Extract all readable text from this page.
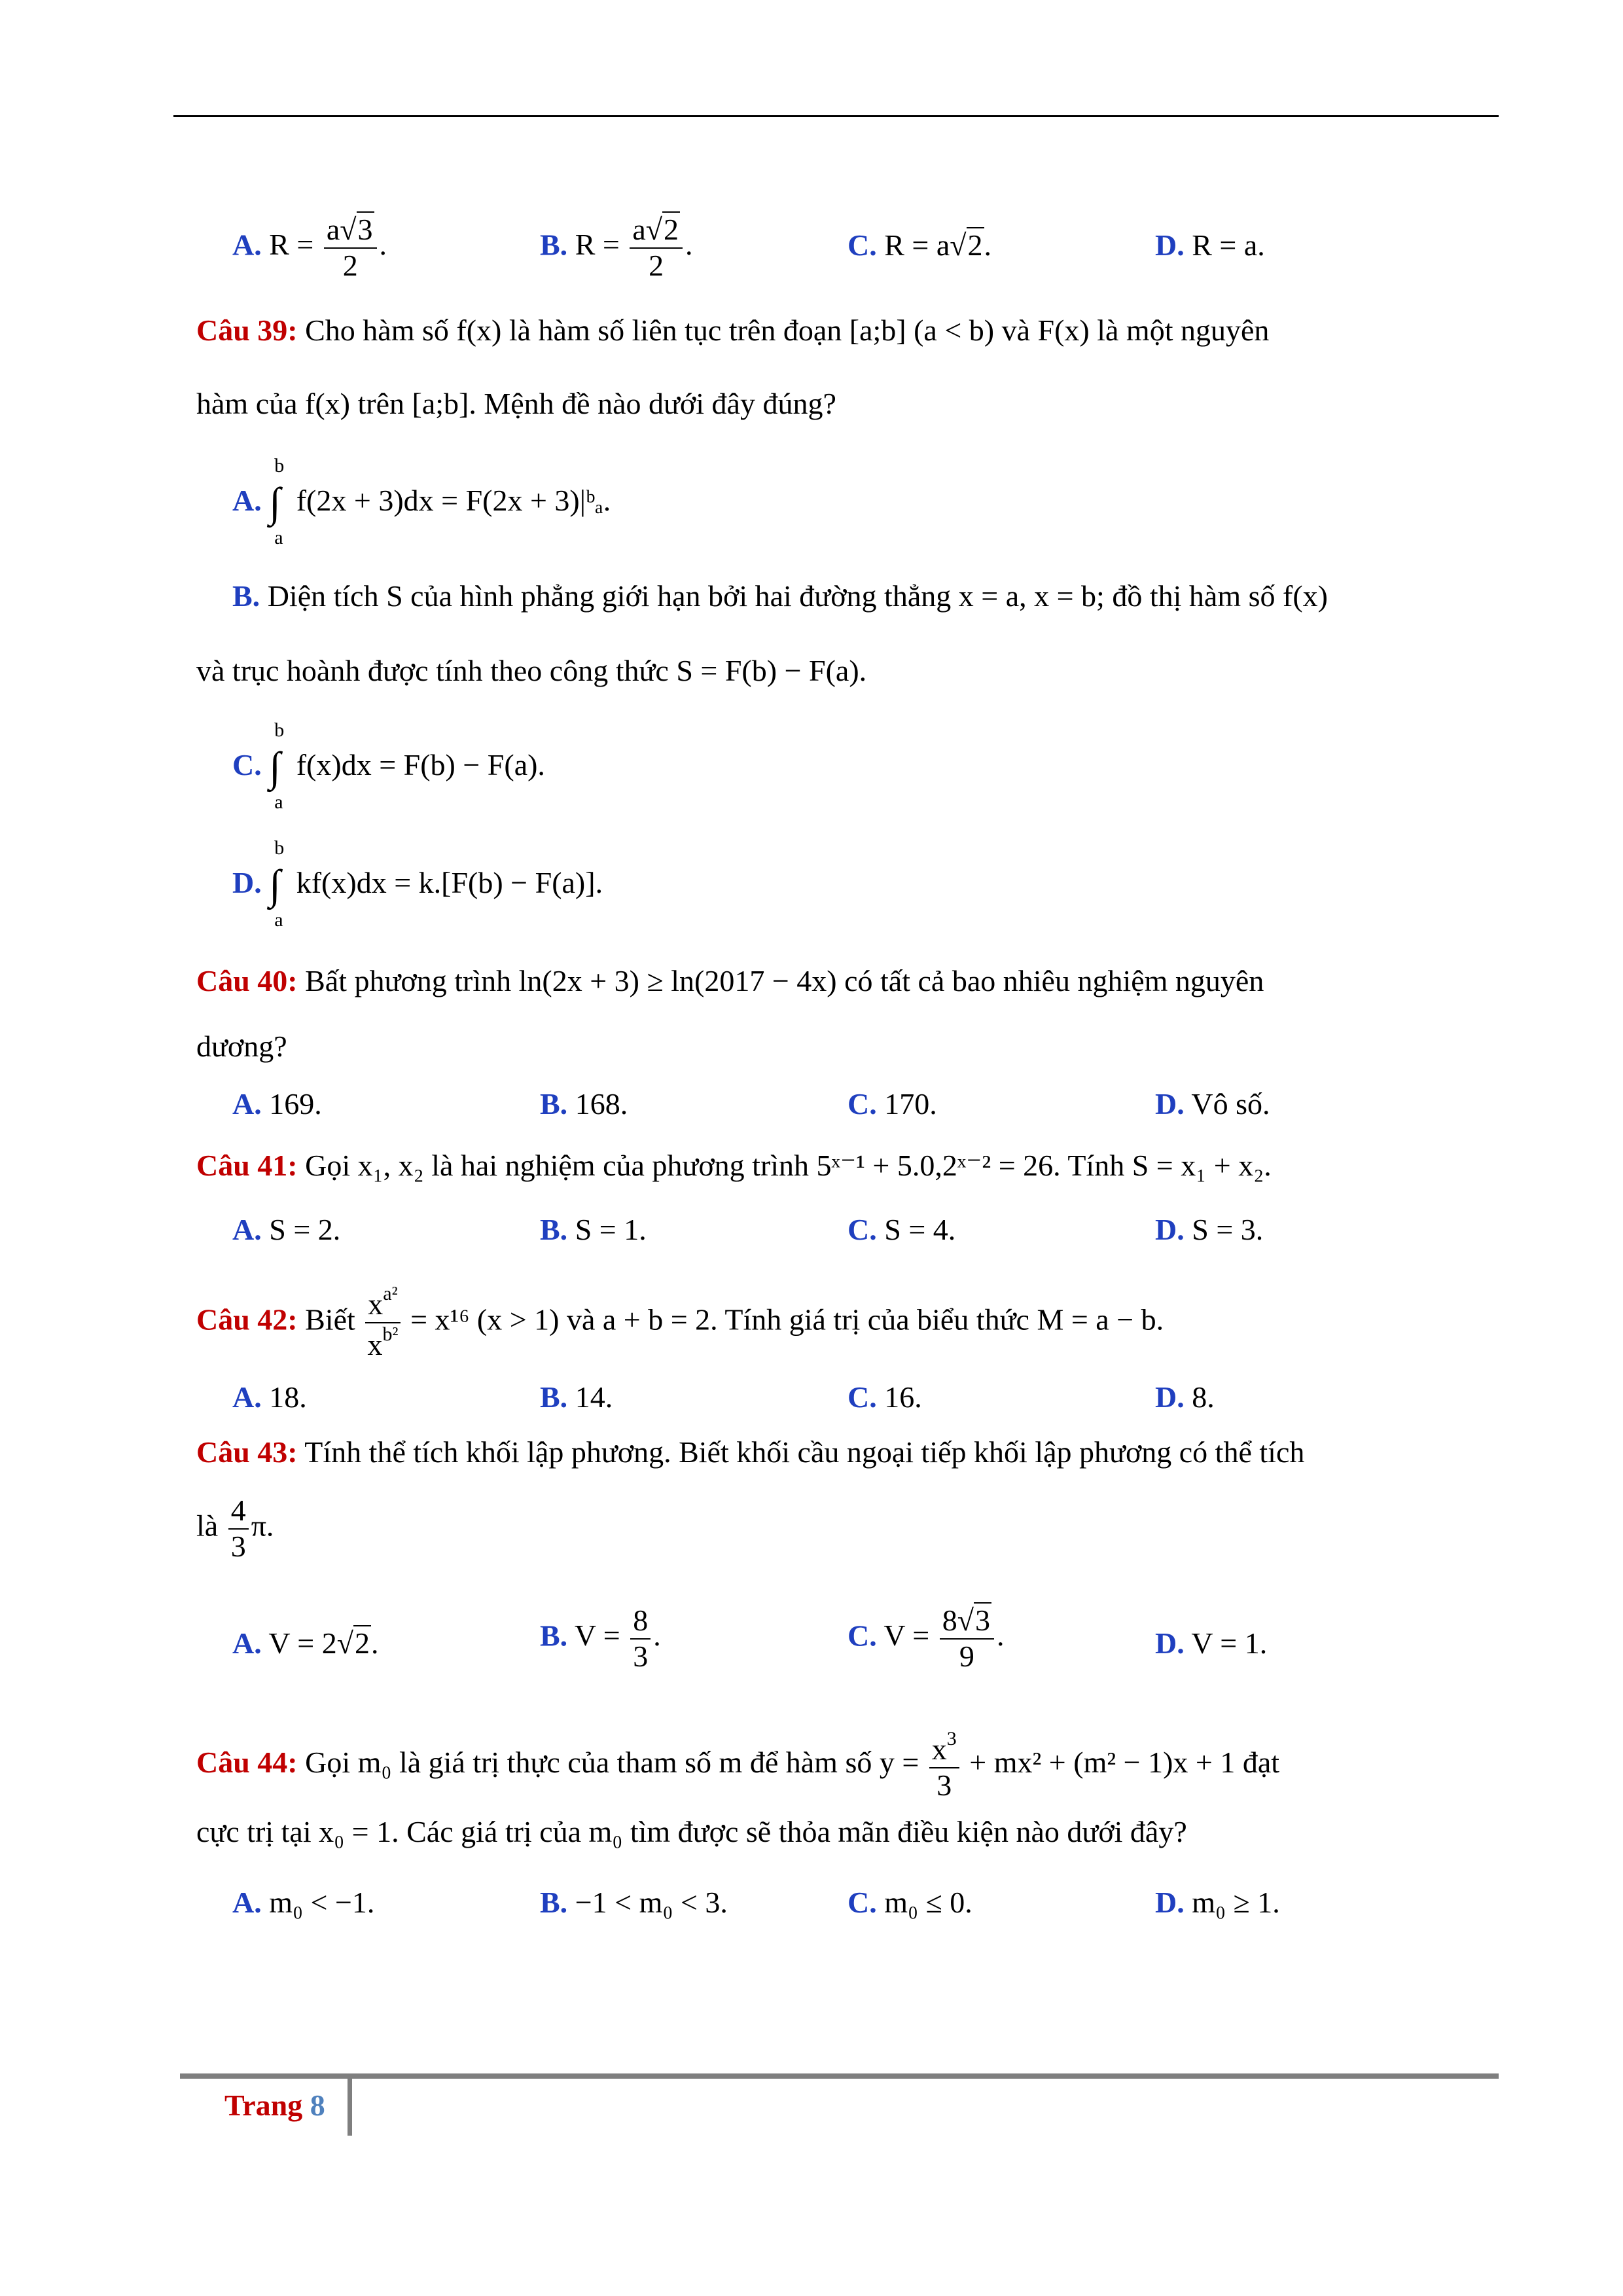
A. $R = \frac{a√3}{2}$ .	B. $R = \frac{a√2}{2}$ .	C. R = a√2.	D. R = a.
Câu 39: Cho hàm số f(x) là hàm số liên tục trên đoạn [a;b] (a < b) và F(x) là một nguyên
hàm của f(x) trên [a;b]. Mệnh đề nào dưới đây đúng?
A. ∫
b
a
f(2x + 3)dx = F(2x + 3)|ᵇₐ.
B. Diện tích S của hình phẳng giới hạn bởi hai đường thẳng x = a, x = b; đồ thị hàm số f(x)
và trục hoành được tính theo công thức S = F(b) − F(a).
C. ∫
b
a
f(x)dx = F(b) − F(a).
D. ∫
b
a
kf(x)dx = k.[F(b) − F(a)].
Câu 40: Bất phương trình ln(2x + 3) ≥ ln(2017 − 4x) có tất cả bao nhiêu nghiệm nguyên
dương?
A. 169.	B. 168.	C. 170.	D. Vô số.
Câu 41: Gọi x₁, x₂ là hai nghiệm của phương trình 5ˣ⁻¹ + 5.0,2ˣ⁻² = 26. Tính S = x₁ + x₂.
A. S = 2.	B. S = 1.	C. S = 4.	D. S = 3.
Câu 42: Biết $\frac{x^{a^2}}{x^{b^2}} = x^{16}$ (x > 1) và a + b = 2. Tính giá trị của biểu thức M = a − b.
A. 18.	B. 14.	C. 16.	D. 8.
Câu 43: Tính thể tích khối lập phương. Biết khối cầu ngoại tiếp khối lập phương có thể tích
là $\frac{4}{3} \pi$.
A. V = 2√2.	B. $V = \frac{8}{3}$ .	C. $V = \frac{8√3}{9}$ .	D. V = 1.
Câu 44: Gọi m₀ là giá trị thực của tham số m để hàm số $y = \frac{x^3}{3} + mx^2 + (m^2 - 1)x + 1$ đạt
cực trị tại x₀ = 1. Các giá trị của m₀ tìm được sẽ thỏa mãn điều kiện nào dưới đây?
A. m₀ < −1.	B. −1 < m₀ < 3.	C. m₀ ≤ 0.	D. m₀ ≥ 1.
Trang 8
